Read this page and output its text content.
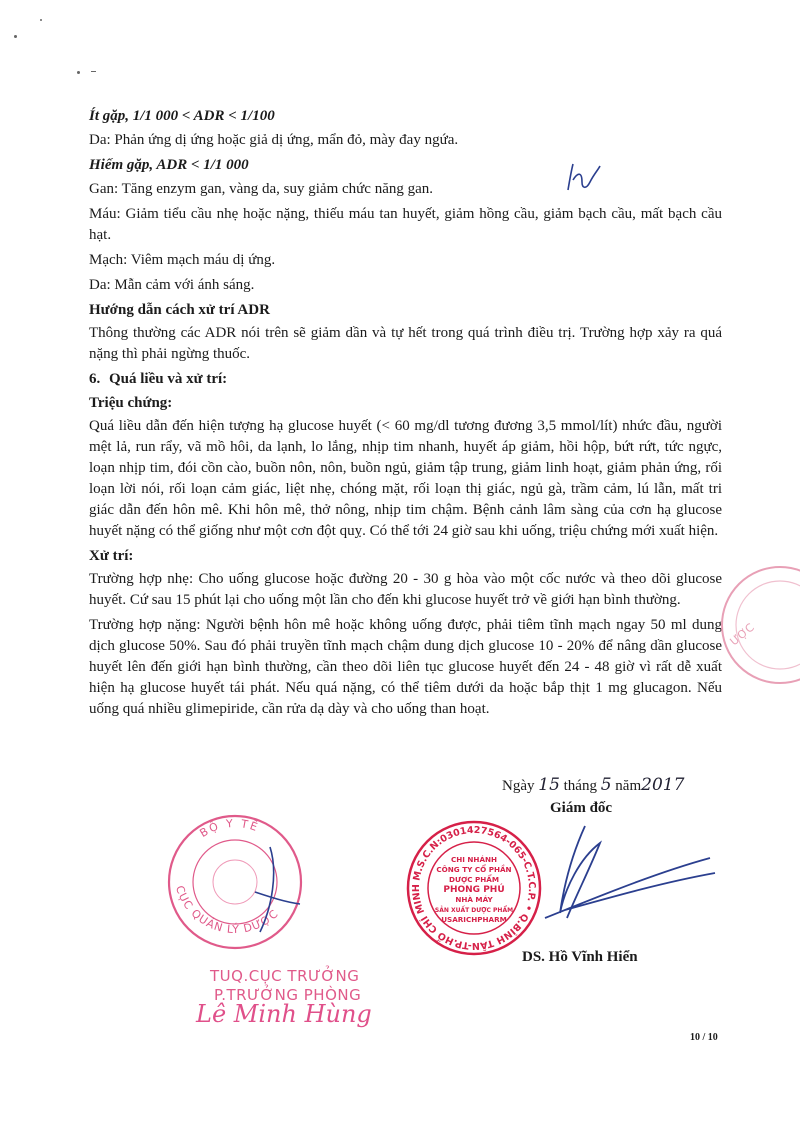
Ít gặp, 1/1 000 < ADR < 1/100

Da: Phản ứng dị ứng hoặc giả dị ứng, mẩn đỏ, mày đay ngứa.

Hiếm gặp, ADR < 1/1 000

Gan: Tăng enzym gan, vàng da, suy giảm chức năng gan.

Máu: Giảm tiểu cầu nhẹ hoặc nặng, thiếu máu tan huyết, giảm hồng cầu, giảm bạch cầu, mất bạch cầu hạt.

Mạch: Viêm mạch máu dị ứng.

Da: Mẫn cảm với ánh sáng.

Hướng dẫn cách xử trí ADR

Thông thường các ADR nói trên sẽ giảm dần và tự hết trong quá trình điều trị. Trường hợp xảy ra quá nặng thì phải ngừng thuốc.

6. Quá liều và xử trí:

Triệu chứng:

Quá liều dẫn đến hiện tượng hạ glucose huyết (< 60 mg/dl tương đương 3,5 mmol/lít) nhức đầu, người mệt lả, run rẩy, vã mồ hôi, da lạnh, lo lắng, nhịp tim nhanh, huyết áp giảm, hồi hộp, bứt rứt, tức ngực, loạn nhịp tim, đói cồn cào, buồn nôn, nôn, buồn ngủ, giảm tập trung, giảm linh hoạt, giảm phản ứng, rối loạn lời nói, rối loạn cảm giác, liệt nhẹ, chóng mặt, rối loạn thị giác, ngủ gà, trầm cảm, lú lẫn, mất tri giác dẫn đến hôn mê. Khi hôn mê, thở nông, nhịp tim chậm. Bệnh cảnh lâm sàng của cơn hạ glucose huyết nặng có thể giống như một cơn đột quỵ. Có thể tới 24 giờ sau khi uống, triệu chứng mới xuất hiện.

Xử trí:

Trường hợp nhẹ: Cho uống glucose hoặc đường 20 - 30 g hòa vào một cốc nước và theo dõi glucose huyết. Cứ sau 15 phút lại cho uống một lần cho đến khi glucose huyết trở về giới hạn bình thường.

Trường hợp nặng: Người bệnh hôn mê hoặc không uống được, phải tiêm tĩnh mạch ngay 50 ml dung dịch glucose 50%. Sau đó phải truyền tĩnh mạch chậm dung dịch glucose 10 - 20% để nâng dần glucose huyết lên đến giới hạn bình thường, cần theo dõi liên tục glucose huyết đến 24 - 48 giờ vì rất dễ xuất hiện hạ glucose huyết tái phát. Nếu quá nặng, có thể tiêm dưới da hoặc bắp thịt 1 mg glucagon. Nếu uống quá nhiều glimepiride, cần rửa dạ dày và cho uống than hoạt.

ƯỢC
Ngày 15 tháng 5 năm2017
Giám đốc
M.S.C.N:0301427564-065-C.T.C.P. • Q.BÌNH TÂN-TP.HỒ CHÍ MINH •
CHI NHÁNH
CÔNG TY CỔ PHẦN
DƯỢC PHẨM
PHONG PHÚ
NHÀ MÁY
SẢN XUẤT DƯỢC PHẨM
USARICHPHARM
DS. Hồ Vĩnh Hiển
BỘ Y TẾ
CỤC QUẢN LÝ DƯỢC
TUQ.CỤC TRƯỞNG
P.TRƯỞNG PHÒNG
Lê Minh Hùng
10 / 10
